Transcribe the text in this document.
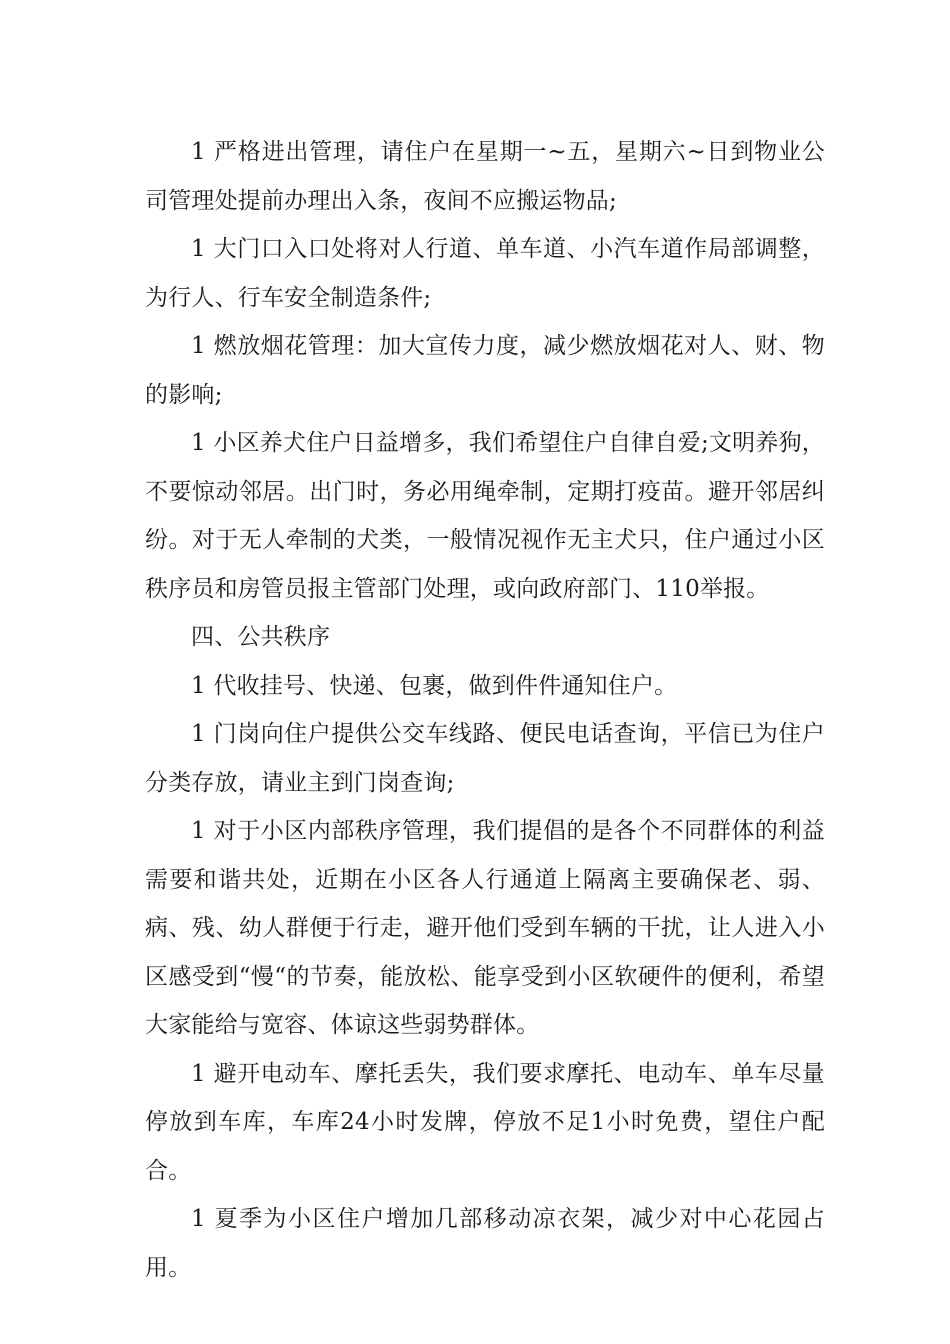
1 严格进出管理，请住户在星期一~五，星期六~日到物业公司管理处提前办理出入条，夜间不应搬运物品;

1 大门口入口处将对人行道、单车道、小汽车道作局部调整，为行人、行车安全制造条件;

1 燃放烟花管理：加大宣传力度，减少燃放烟花对人、财、物的影响;

1 小区养犬住户日益增多，我们希望住户自律自爱;文明养狗，不要惊动邻居。出门时，务必用绳牵制，定期打疫苗。避开邻居纠纷。对于无人牵制的犬类，一般情况视作无主犬只，住户通过小区秩序员和房管员报主管部门处理，或向政府部门、110举报。

四、公共秩序

1 代收挂号、快递、包裹，做到件件通知住户。

1 门岗向住户提供公交车线路、便民电话查询，平信已为住户分类存放，请业主到门岗查询;

1 对于小区内部秩序管理，我们提倡的是各个不同群体的利益需要和谐共处，近期在小区各人行通道上隔离主要确保老、弱、病、残、幼人群便于行走，避开他们受到车辆的干扰，让人进入小区感受到“慢“的节奏，能放松、能享受到小区软硬件的便利，希望大家能给与宽容、体谅这些弱势群体。

1 避开电动车、摩托丢失，我们要求摩托、电动车、单车尽量停放到车库，车库24小时发牌，停放不足1小时免费，望住户配合。

1 夏季为小区住户增加几部移动凉衣架，减少对中心花园占用。
